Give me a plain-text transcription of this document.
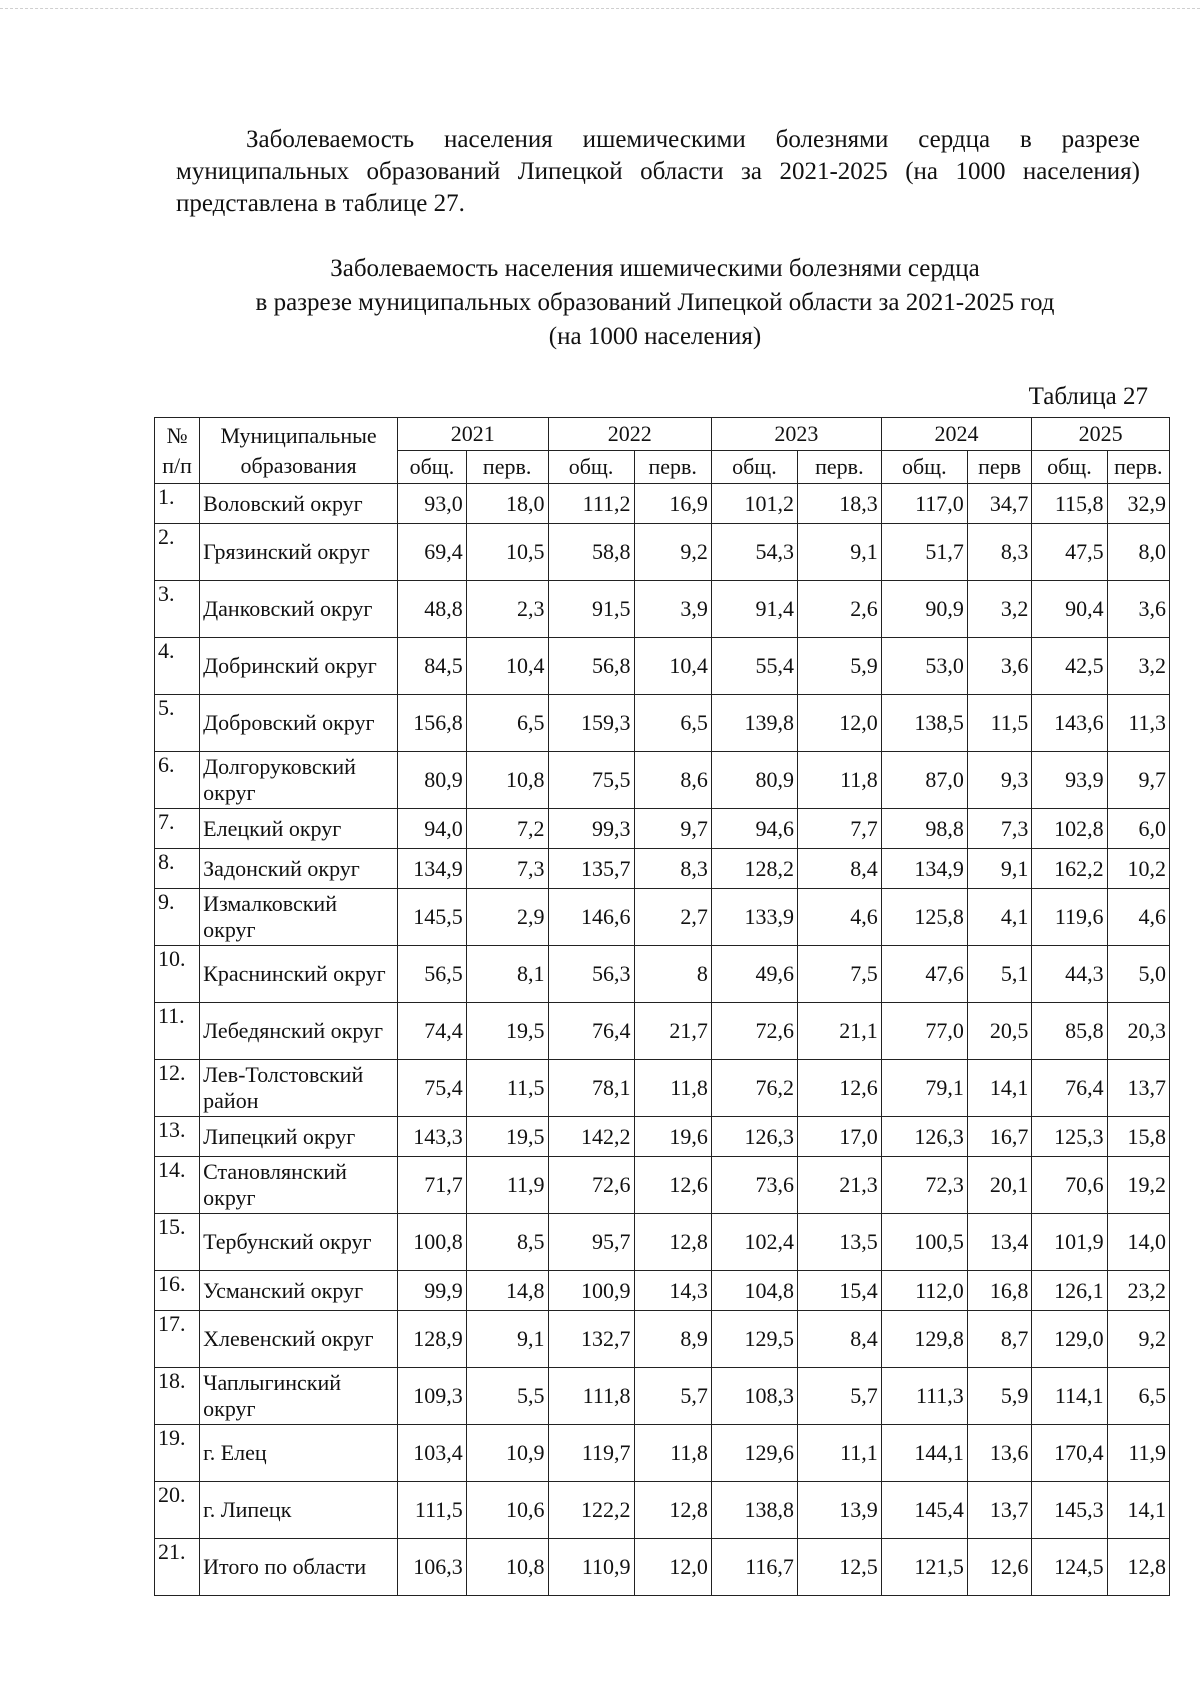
Заболеваемость населения ишемическими болезнями сердца в разрезе муниципальных образований Липецкой области за 2021-2025 (на 1000 населения) представлена в таблице 27.

Заболеваемость населения ишемическими болезнями сердца
в разрезе муниципальных образований Липецкой области за 2021-2025 год
(на 1000 населения)
Таблица 27
№ п/п	Муниципальные образования	2021		2022		2023		2024		2025	
		общ.	перв.	общ.	перв.	общ.	перв.	общ.	перв	общ.	перв.
1.	Воловский округ	93,0	18,0	111,2	16,9	101,2	18,3	117,0	34,7	115,8	32,9
2.	Грязинский округ	69,4	10,5	58,8	9,2	54,3	9,1	51,7	8,3	47,5	8,0
3.	Данковский округ	48,8	2,3	91,5	3,9	91,4	2,6	90,9	3,2	90,4	3,6
4.	Добринский округ	84,5	10,4	56,8	10,4	55,4	5,9	53,0	3,6	42,5	3,2
5.	Добровский округ	156,8	6,5	159,3	6,5	139,8	12,0	138,5	11,5	143,6	11,3
6.	Долгоруковский округ	80,9	10,8	75,5	8,6	80,9	11,8	87,0	9,3	93,9	9,7
7.	Елецкий округ	94,0	7,2	99,3	9,7	94,6	7,7	98,8	7,3	102,8	6,0
8.	Задонский округ	134,9	7,3	135,7	8,3	128,2	8,4	134,9	9,1	162,2	10,2
9.	Измалковский округ	145,5	2,9	146,6	2,7	133,9	4,6	125,8	4,1	119,6	4,6
10.	Краснинский округ	56,5	8,1	56,3	8	49,6	7,5	47,6	5,1	44,3	5,0
11.	Лебедянский округ	74,4	19,5	76,4	21,7	72,6	21,1	77,0	20,5	85,8	20,3
12.	Лев-Толстовский район	75,4	11,5	78,1	11,8	76,2	12,6	79,1	14,1	76,4	13,7
13.	Липецкий округ	143,3	19,5	142,2	19,6	126,3	17,0	126,3	16,7	125,3	15,8
14.	Становлянский округ	71,7	11,9	72,6	12,6	73,6	21,3	72,3	20,1	70,6	19,2
15.	Тербунский округ	100,8	8,5	95,7	12,8	102,4	13,5	100,5	13,4	101,9	14,0
16.	Усманский округ	99,9	14,8	100,9	14,3	104,8	15,4	112,0	16,8	126,1	23,2
17.	Хлевенский округ	128,9	9,1	132,7	8,9	129,5	8,4	129,8	8,7	129,0	9,2
18.	Чаплыгинский округ	109,3	5,5	111,8	5,7	108,3	5,7	111,3	5,9	114,1	6,5
19.	г. Елец	103,4	10,9	119,7	11,8	129,6	11,1	144,1	13,6	170,4	11,9
20.	г. Липецк	111,5	10,6	122,2	12,8	138,8	13,9	145,4	13,7	145,3	14,1
21.	Итого по области	106,3	10,8	110,9	12,0	116,7	12,5	121,5	12,6	124,5	12,8
